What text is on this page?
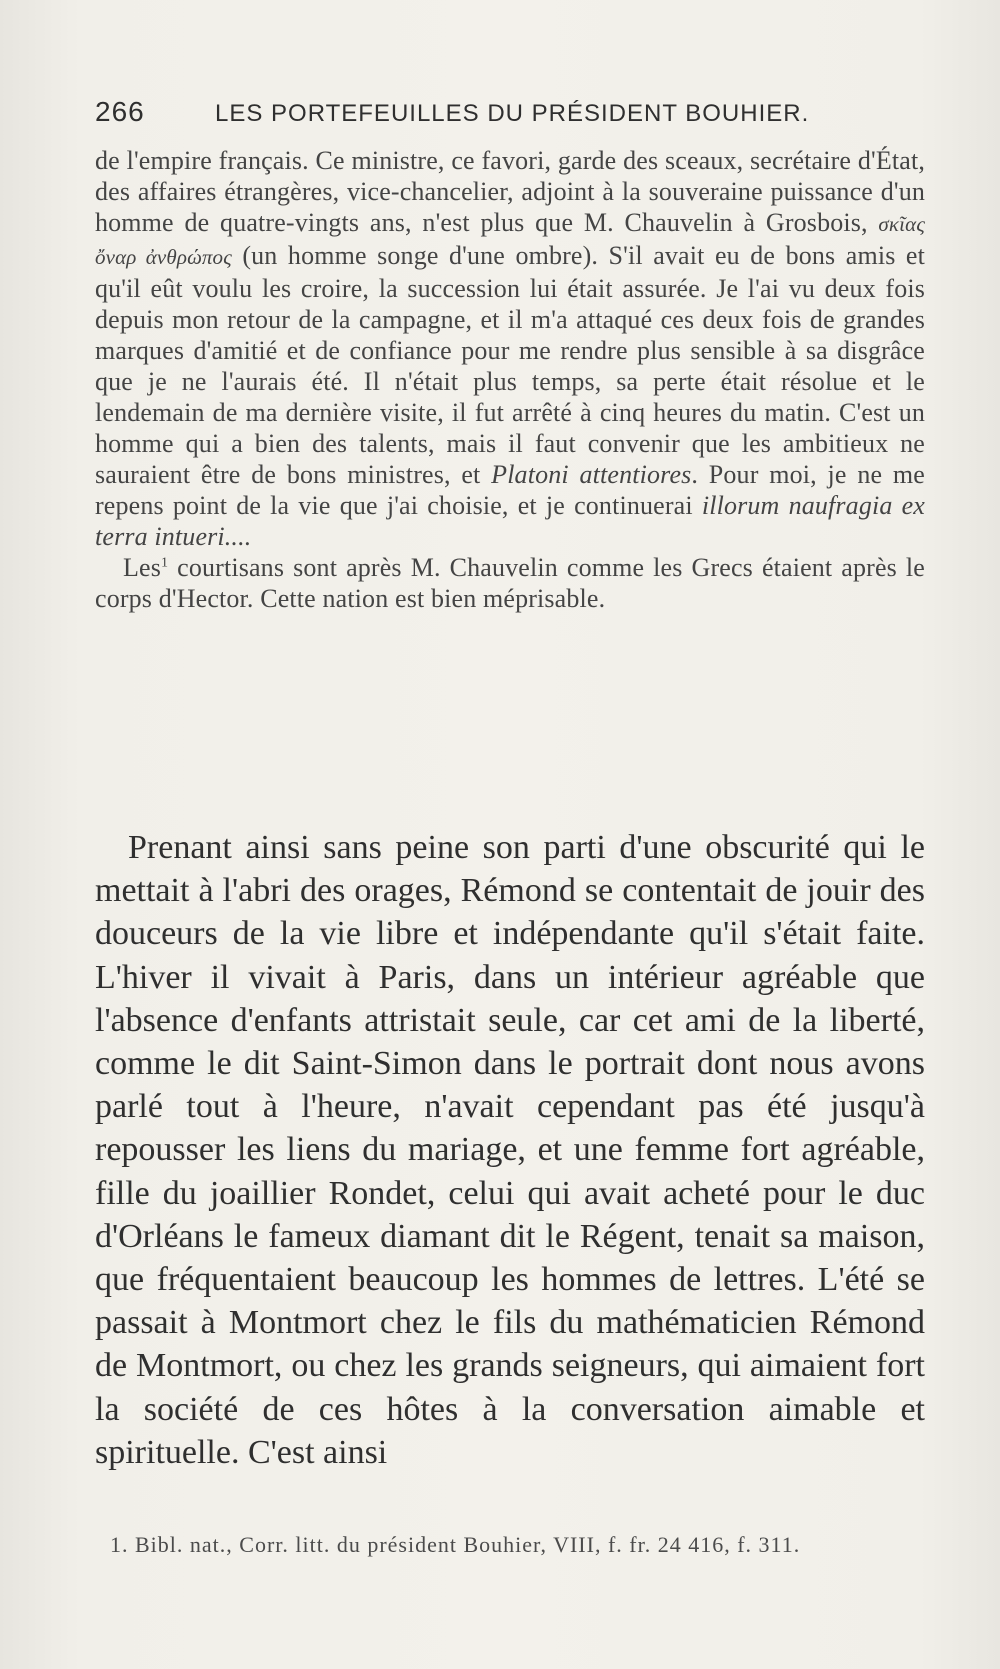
266	LES PORTEFEUILLES DU PRÉSIDENT BOUHIER.

de l'empire français. Ce ministre, ce favori, garde des sceaux, secrétaire d'État, des affaires étrangères, vice-chancelier, adjoint à la souveraine puissance d'un homme de quatre-vingts ans, n'est plus que M. Chauvelin à Grosbois, σκῖας ὄναρ ἀνθρώπος (un homme songe d'une ombre). S'il avait eu de bons amis et qu'il eût voulu les croire, la succession lui était assurée. Je l'ai vu deux fois depuis mon retour de la campagne, et il m'a attaqué ces deux fois de grandes marques d'amitié et de confiance pour me rendre plus sensible à sa disgrâce que je ne l'aurais été. Il n'était plus temps, sa perte était résolue et le lendemain de ma dernière visite, il fut arrêté à cinq heures du matin. C'est un homme qui a bien des talents, mais il faut convenir que les ambitieux ne sauraient être de bons ministres, et Platoni attentiores. Pour moi, je ne me repens point de la vie que j'ai choisie, et je continuerai illorum naufragia ex terra intueri....

Les$^1$ courtisans sont après M. Chauvelin comme les Grecs étaient après le corps d'Hector. Cette nation est bien méprisable.

Prenant ainsi sans peine son parti d'une obscurité qui le mettait à l'abri des orages, Rémond se contentait de jouir des douceurs de la vie libre et indépendante qu'il s'était faite. L'hiver il vivait à Paris, dans un intérieur agréable que l'absence d'enfants attristait seule, car cet ami de la liberté, comme le dit Saint-Simon dans le portrait dont nous avons parlé tout à l'heure, n'avait cependant pas été jusqu'à repousser les liens du mariage, et une femme fort agréable, fille du joaillier Rondet, celui qui avait acheté pour le duc d'Orléans le fameux diamant dit le Régent, tenait sa maison, que fréquentaient beaucoup les hommes de lettres. L'été se passait à Montmort chez le fils du mathématicien Rémond de Montmort, ou chez les grands seigneurs, qui aimaient fort la société de ces hôtes à la conversation aimable et spirituelle. C'est ainsi

1. Bibl. nat., Corr. litt. du président Bouhier, VIII, f. fr. 24 416, f. 311.
